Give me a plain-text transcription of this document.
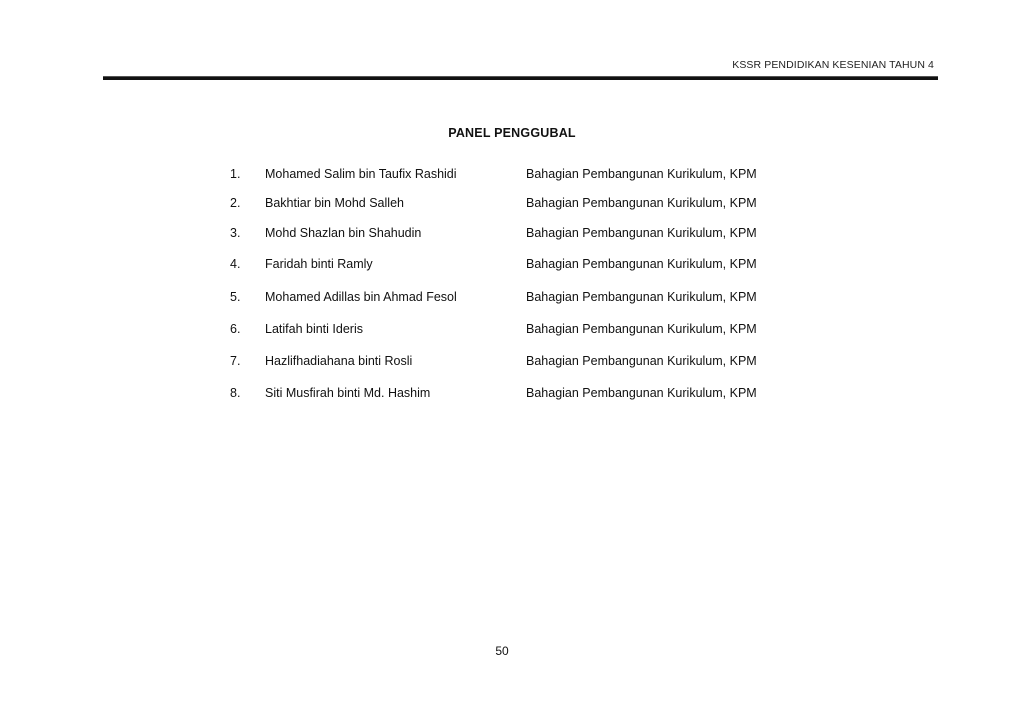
KSSR PENDIDIKAN KESENIAN TAHUN 4
PANEL PENGGUBAL
1. Mohamed Salim bin Taufix Rashidi	Bahagian Pembangunan Kurikulum, KPM
2. Bakhtiar bin Mohd Salleh	Bahagian Pembangunan Kurikulum, KPM
3. Mohd Shazlan bin Shahudin	Bahagian Pembangunan Kurikulum, KPM
4. Faridah binti Ramly	Bahagian Pembangunan Kurikulum, KPM
5. Mohamed Adillas bin Ahmad Fesol	Bahagian Pembangunan Kurikulum, KPM
6. Latifah binti Ideris	Bahagian Pembangunan Kurikulum, KPM
7. Hazlifhadiahana binti Rosli	Bahagian Pembangunan Kurikulum, KPM
8. Siti Musfirah binti Md. Hashim	Bahagian Pembangunan Kurikulum, KPM
50
